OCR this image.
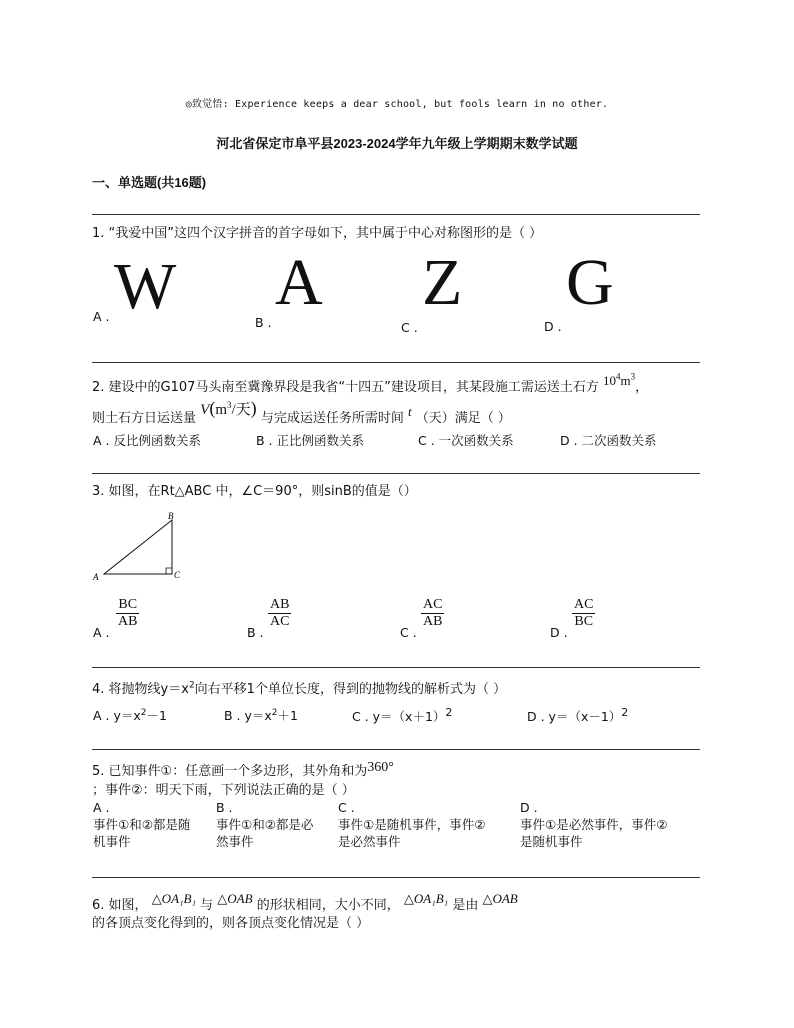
◎致觉悟: Experience keeps a dear school, but fools learn in no other.
河北省保定市阜平县2023-2024学年九年级上学期期末数学试题
一、单选题(共16题)
1. “我爱中国”这四个汉字拼音的首字母如下，其中属于中心对称图形的是（ ）
W A Z G
A .	B .	C .	D .
2. 建设中的G107马头南至冀豫界段是我省“十四五”建设项目，其某段施工需运送土石方 $10^4m^3$，
则土石方日运送量 $V(m^3/$天) 与完成运送任务所需时间 t （天）满足（ ）
A . 反比例函数关系	B . 正比例函数关系	C . 一次函数关系	D . 二次函数关系
3. 如图，在Rt△ABC 中，∠C＝90°，则sinB的值是（）
A
B
C
A .
$\frac{BC}{AB}$
B .
$\frac{AB}{AC}$
C .
$\frac{AC}{AB}$
D .
$\frac{AC}{BC}$
4. 将抛物线$y=x^2$向右平移1个单位长度，得到的抛物线的解析式为（ ）
A . $y=x^2-1$	B . $y=x^2+1$	C . $y=(x+1)^2$	D . $y=(x-1)^2$
5. 已知事件①：任意画一个多边形，其外角和为360°
；事件②：明天下雨，下列说法正确的是（ ）
A .
事件①和②都是随
机事件
B .
事件①和②都是必
然事件
C .
事件①是随机事件，事件②
是必然事件
D .
事件①是必然事件，事件②
是随机事件
6. 如图， △OA₁B₁ 与 △OAB 的形状相同，大小不同， △OA₁B₁ 是由 △OAB
的各顶点变化得到的，则各顶点变化情况是（ ）
